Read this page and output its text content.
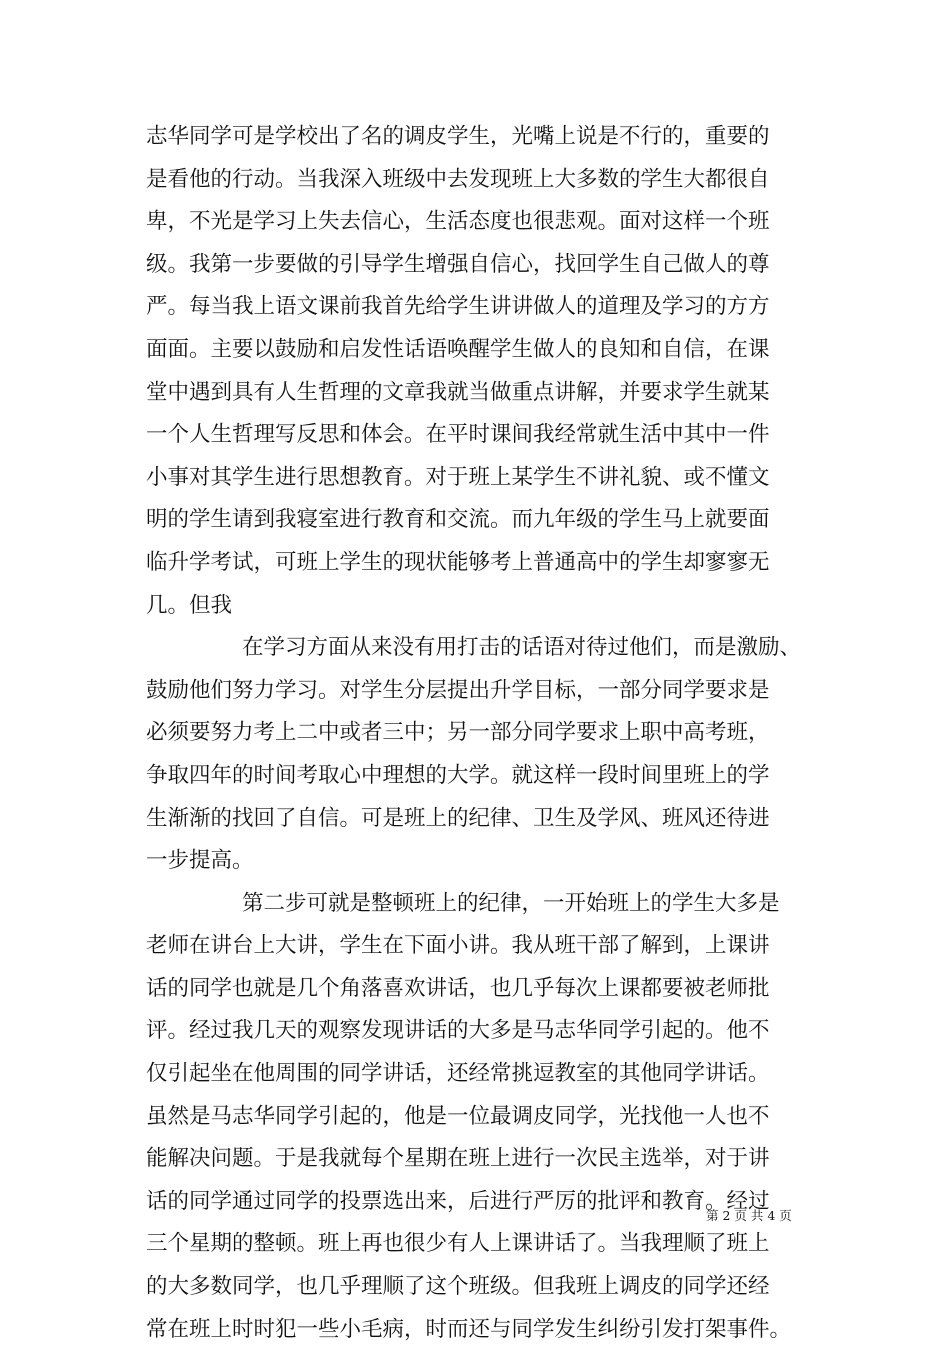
志华同学可是学校出了名的调皮学生，光嘴上说是不行的，重要的
是看他的行动。当我深入班级中去发现班上大多数的学生大都很自
卑，不光是学习上失去信心，生活态度也很悲观。面对这样一个班
级。我第一步要做的引导学生增强自信心，找回学生自己做人的尊
严。每当我上语文课前我首先给学生讲讲做人的道理及学习的方方
面面。主要以鼓励和启发性话语唤醒学生做人的良知和自信，在课
堂中遇到具有人生哲理的文章我就当做重点讲解，并要求学生就某
一个人生哲理写反思和体会。在平时课间我经常就生活中其中一件
小事对其学生进行思想教育。对于班上某学生不讲礼貌、或不懂文
明的学生请到我寝室进行教育和交流。而九年级的学生马上就要面
临升学考试，可班上学生的现状能够考上普通高中的学生却寥寥无
几。但我
在学习方面从来没有用打击的话语对待过他们，而是激励、
鼓励他们努力学习。对学生分层提出升学目标，一部分同学要求是
必须要努力考上二中或者三中；另一部分同学要求上职中高考班，
争取四年的时间考取心中理想的大学。就这样一段时间里班上的学
生渐渐的找回了自信。可是班上的纪律、卫生及学风、班风还待进
一步提高。
第二步可就是整顿班上的纪律，一开始班上的学生大多是
老师在讲台上大讲，学生在下面小讲。我从班干部了解到，上课讲
话的同学也就是几个角落喜欢讲话，也几乎每次上课都要被老师批
评。经过我几天的观察发现讲话的大多是马志华同学引起的。他不
仅引起坐在他周围的同学讲话，还经常挑逗教室的其他同学讲话。
虽然是马志华同学引起的，他是一位最调皮同学，光找他一人也不
能解决问题。于是我就每个星期在班上进行一次民主选举，对于讲
话的同学通过同学的投票选出来，后进行严厉的批评和教育。经过
三个星期的整顿。班上再也很少有人上课讲话了。当我理顺了班上
的大多数同学，也几乎理顺了这个班级。但我班上调皮的同学还经
常在班上时时犯一些小毛病，时而还与同学发生纠纷引发打架事件。
第 2 页 共 4 页
